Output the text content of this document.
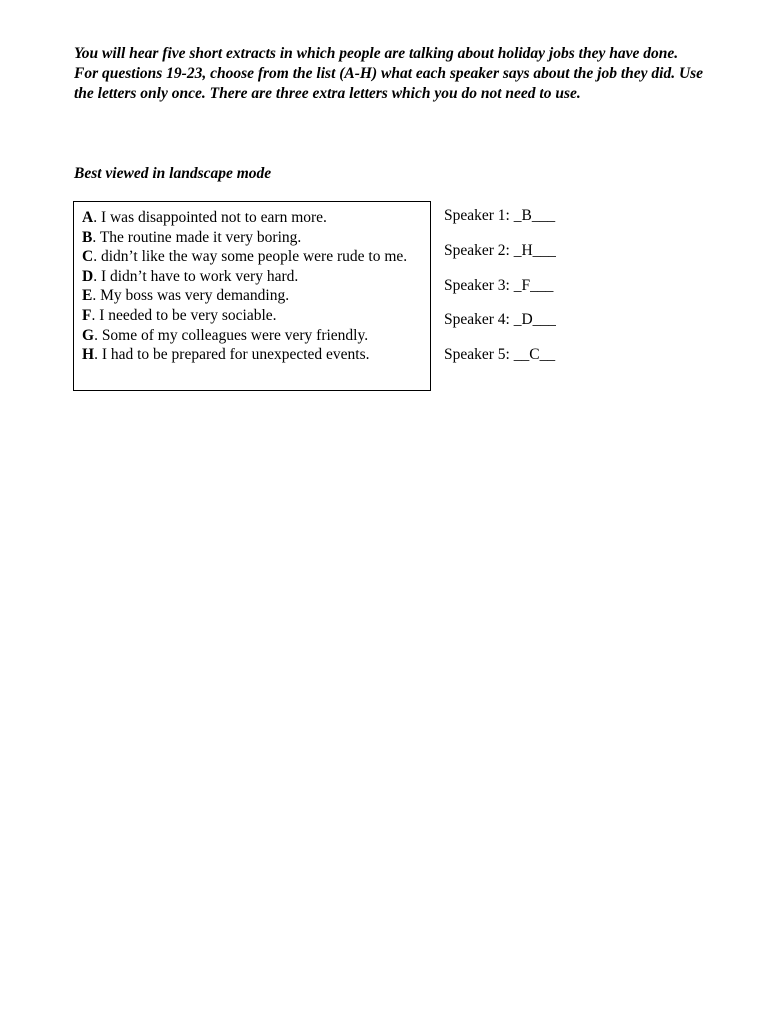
You will hear five short extracts in which people are talking about holiday jobs they have done. For questions 19-23, choose from the list (A-H) what each speaker says about the job they did. Use the letters only once. There are three extra letters which you do not need to use.

Best viewed in landscape mode

A. I was disappointed not to earn more.

B. The routine made it very boring.

C. didn’t like the way some people were rude to me.

D. I didn’t have to work very hard.

E. My boss was very demanding.

F. I needed to be very sociable.

G. Some of my colleagues were very friendly.

H. I had to be prepared for unexpected events.

Speaker 1: _B___
Speaker 2: _H___
Speaker 3: _F___
Speaker 4: _D___
Speaker 5: __C__
